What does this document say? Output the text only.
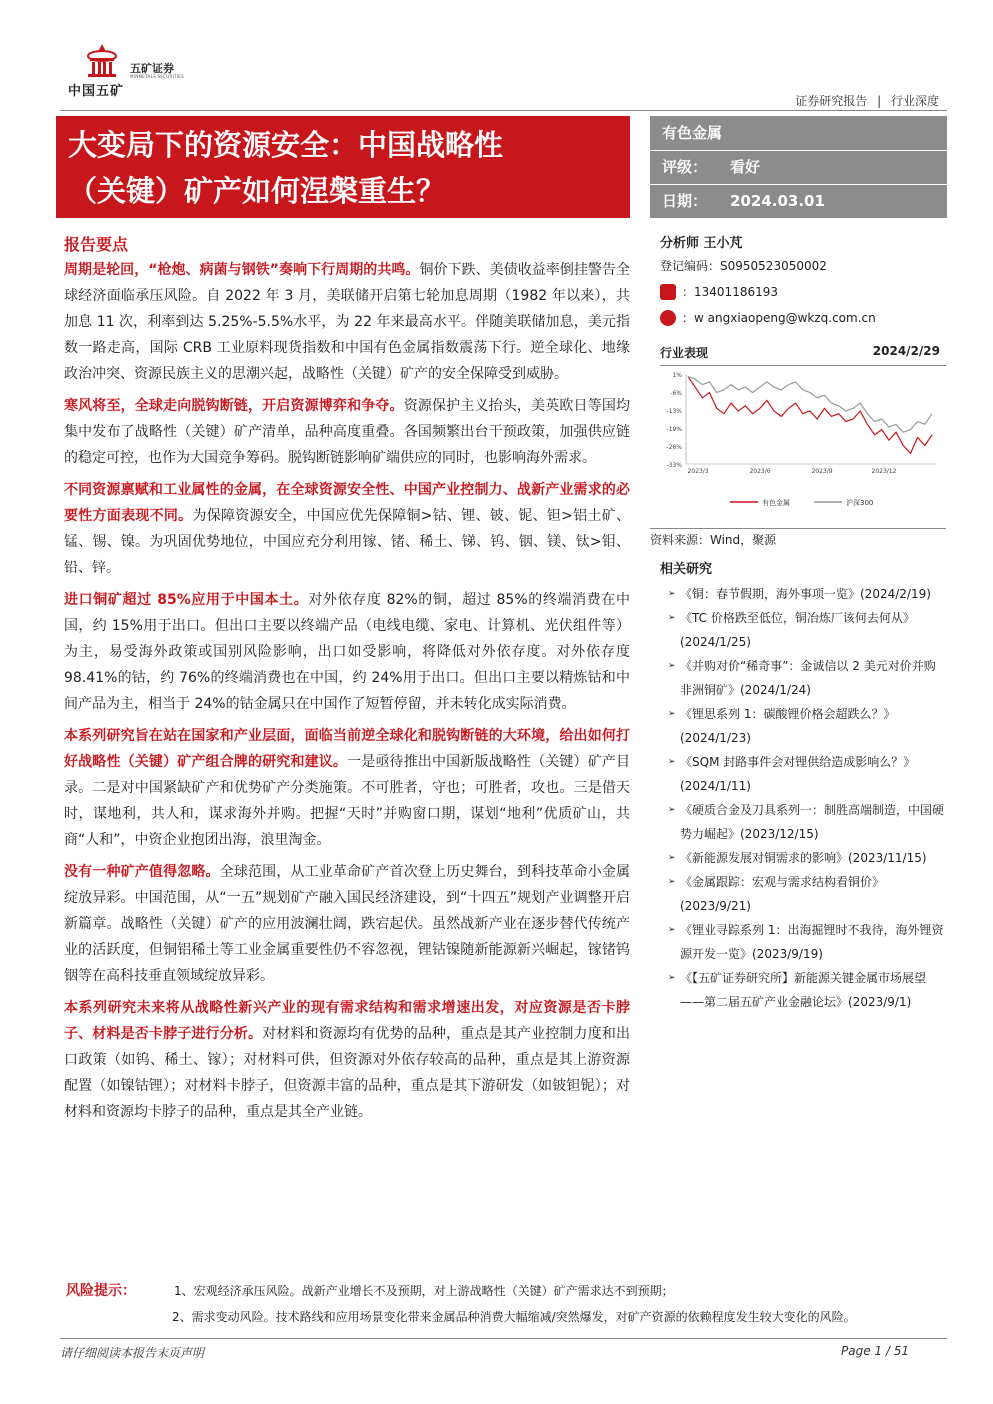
中国五矿
五矿证券
MINMETALS SECURITIES
证券研究报告 | 行业深度
大变局下的资源安全：中国战略性
（关键）矿产如何涅槃重生？
有色金属
评级： 看好
日期： 2024.03.01
报告要点
周期是轮回，“枪炮、病菌与钢铁”奏响下行周期的共鸣。铜价下跌、美债收益率倒挂警告全球经济面临承压风险。自 2022 年 3 月，美联储开启第七轮加息周期（1982 年以来），共加息 11 次，利率到达 5.25%-5.5%水平，为 22 年来最高水平。伴随美联储加息，美元指数一路走高，国际 CRB 工业原料现货指数和中国有色金属指数震荡下行。逆全球化、地缘政治冲突、资源民族主义的思潮兴起，战略性（关键）矿产的安全保障受到威胁。
寒风将至，全球走向脱钩断链，开启资源博弈和争夺。资源保护主义抬头，美英欧日等国均集中发布了战略性（关键）矿产清单，品种高度重叠。各国频繁出台干预政策，加强供应链的稳定可控，也作为大国竞争筹码。脱钩断链影响矿端供应的同时，也影响海外需求。
不同资源禀赋和工业属性的金属，在全球资源安全性、中国产业控制力、战新产业需求的必要性方面表现不同。为保障资源安全，中国应优先保障铜>钴、锂、铍、铌、钽>铝土矿、锰、锡、镍。为巩固优势地位，中国应充分利用镓、锗、稀土、锑、钨、铟、镁、钛>钼、铅、锌。
进口铜矿超过 85%应用于中国本土。对外依存度 82%的铜，超过 85%的终端消费在中国，约 15%用于出口。但出口主要以终端产品（电线电缆、家电、计算机、光伏组件等）为主，易受海外政策或国别风险影响，出口如受影响，将降低对外依存度。对外依存度 98.41%的钴，约 76%的终端消费也在中国，约 24%用于出口。但出口主要以精炼钴和中间产品为主，相当于 24%的钴金属只在中国作了短暂停留，并未转化成实际消费。
本系列研究旨在站在国家和产业层面，面临当前逆全球化和脱钩断链的大环境，给出如何打好战略性（关键）矿产组合牌的研究和建议。一是亟待推出中国新版战略性（关键）矿产目录。二是对中国紧缺矿产和优势矿产分类施策。不可胜者，守也；可胜者，攻也。三是借天时，谋地利，共人和，谋求海外并购。把握“天时”并购窗口期，谋划“地利”优质矿山，共商“人和”，中资企业抱团出海，浪里淘金。
没有一种矿产值得忽略。全球范围，从工业革命矿产首次登上历史舞台，到科技革命小金属绽放异彩。中国范围，从“一五”规划矿产融入国民经济建设，到“十四五”规划产业调整开启新篇章。战略性（关键）矿产的应用波澜壮阔，跌宕起伏。虽然战新产业在逐步替代传统产业的活跃度，但铜铝稀土等工业金属重要性仍不容忽视，锂钴镍随新能源新兴崛起，镓锗钨铟等在高科技垂直领域绽放异彩。
本系列研究未来将从战略性新兴产业的现有需求结构和需求增速出发，对应资源是否卡脖子、材料是否卡脖子进行分析。对材料和资源均有优势的品种，重点是其产业控制力度和出口政策（如钨、稀土、镓）；对材料可供，但资源对外依存较高的品种，重点是其上游资源配置（如镍钴锂）；对材料卡脖子，但资源丰富的品种，重点是其下游研发（如铍钽铌）；对材料和资源均卡脖子的品种，重点是其全产业链。
风险提示：	1、宏观经济承压风险。战新产业增长不及预期，对上游战略性（关键）矿产需求达不到预期；
2、需求变动风险。技术路线和应用场景变化带来金属品种消费大幅缩减/突然爆发，对矿产资源的依赖程度发生较大变化的风险。
分析师 王小芃
登记编码：S0950523050002
：13401186193
：w angxiaopeng@wkzq.com.cn
行业表现	2024/2/29
1%
-6%
-13%
-19%
-26%
-33%
2023/3	2023/6	2023/9	2023/12
有色金属	沪深300
资料来源：Wind，聚源
相关研究
➢ 《铜：春节假期，海外事项一览》(2024/2/19)
➢ 《TC 价格跌至低位，铜冶炼厂该何去何从》(2024/1/25)
➢ 《并购对价“稀奇事”：金诚信以 2 美元对价并购非洲铜矿》(2024/1/24)
➢ 《锂思系列 1：碳酸锂价格会超跌么？》(2024/1/23)
➢ 《SQM 封路事件会对锂供给造成影响么？》(2024/1/11)
➢ 《硬质合金及刀具系列一：制胜高端制造，中国硬势力崛起》(2023/12/15)
➢ 《新能源发展对铜需求的影响》(2023/11/15)
➢ 《金属跟踪：宏观与需求结构看铜价》(2023/9/21)
➢ 《锂业寻踪系列 1：出海掘锂时不我待，海外锂资源开发一览》(2023/9/19)
➢ 《【五矿证券研究所】新能源关键金属市场展望——第二届五矿产业金融论坛》(2023/9/1)
请仔细阅读本报告末页声明	Page 1 / 51
